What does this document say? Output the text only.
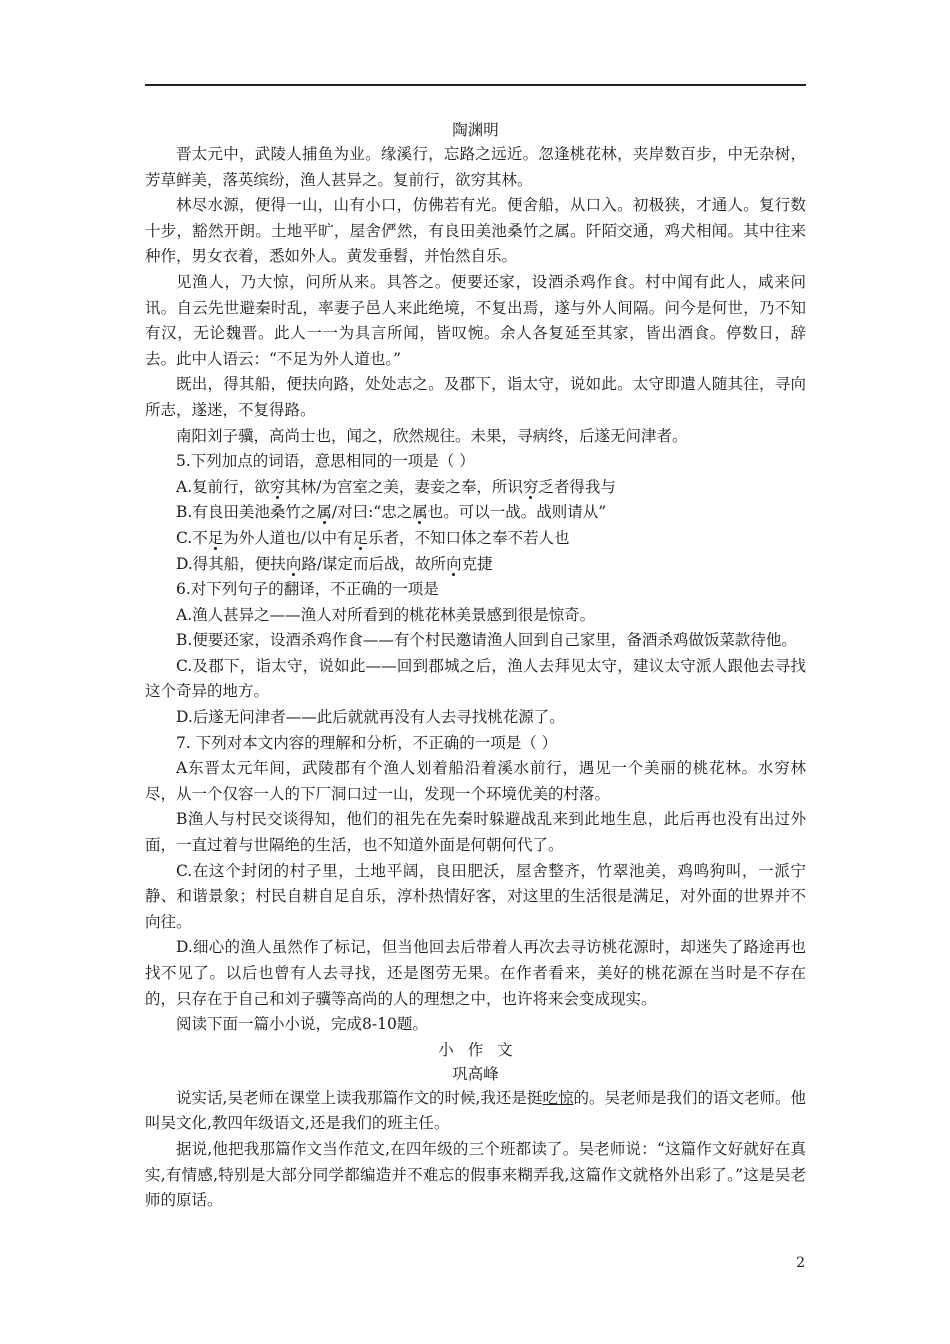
陶渊明
晋太元中，武陵人捕鱼为业。缘溪行，忘路之远近。忽逢桃花林，夹岸数百步，中无杂树，芳草鲜美，落英缤纷，渔人甚异之。复前行，欲穷其林。
林尽水源，便得一山，山有小口，仿佛若有光。便舍船，从口入。初极狭，才通人。复行数十步，豁然开朗。土地平旷，屋舍俨然，有良田美池桑竹之属。阡陌交通，鸡犬相闻。其中往来种作，男女衣着，悉如外人。黄发垂髫，并怡然自乐。
见渔人，乃大惊，问所从来。具答之。便要还家，设酒杀鸡作食。村中闻有此人，咸来问讯。自云先世避秦时乱，率妻子邑人来此绝境，不复出焉，遂与外人间隔。问今是何世，乃不知有汉，无论魏晋。此人一一为具言所闻，皆叹惋。余人各复延至其家，皆出酒食。停数日，辞去。此中人语云：“不足为外人道也。”
既出，得其船，便扶向路，处处志之。及郡下，诣太守，说如此。太守即遣人随其往，寻向所志，遂迷，不复得路。
南阳刘子骥，高尚士也，闻之，欣然规往。未果，寻病终，后遂无问津者。
5.下列加点的词语，意思相同的一项是（ ）
A.复前行，欲穷其林/为宫室之美，妻妾之奉，所识穷乏者得我与
B.有良田美池桑竹之属/对曰:“忠之属也。可以一战。战则请从”
C.不足为外人道也/以中有足乐者，不知口体之奉不若人也
D.得其船，便扶向路/谋定而后战，故所向克捷
6.对下列句子的翻译，不正确的一项是
A.渔人甚异之——渔人对所看到的桃花林美景感到很是惊奇。
B.便要还家，设酒杀鸡作食——有个村民邀请渔人回到自己家里，备酒杀鸡做饭菜款待他。
C.及郡下，诣太守，说如此——回到郡城之后，渔人去拜见太守，建议太守派人跟他去寻找这个奇异的地方。
D.后遂无问津者——此后就就再没有人去寻找桃花源了。
7. 下列对本文内容的理解和分析，不正确的一项是（ ）
A东晋太元年间，武陵郡有个渔人划着船沿着溪水前行，遇见一个美丽的桃花林。水穷林尽，从一个仅容一人的下厂洞口过一山，发现一个环境优美的村落。
B渔人与村民交谈得知，他们的祖先在先秦时躲避战乱来到此地生息，此后再也没有出过外面，一直过着与世隔绝的生活，也不知道外面是何朝何代了。
C.在这个封闭的村子里，土地平阔，良田肥沃，屋舍整齐，竹翠池美，鸡鸣狗叫，一派宁静、和谐景象；村民自耕自足自乐，淳朴热情好客，对这里的生活很是满足，对外面的世界并不向往。
D.细心的渔人虽然作了标记，但当他回去后带着人再次去寻访桃花源时，却迷失了路途再也找不见了。以后也曾有人去寻找，还是图劳无果。在作者看来，美好的桃花源在当时是不存在的，只存在于自己和刘子骥等高尚的人的理想之中，也许将来会变成现实。
阅读下面一篇小小说，完成8-10题。
小作文
巩高峰
说实话,吴老师在课堂上读我那篇作文的时候,我还是挺吃惊的。吴老师是我们的语文老师。他叫吴文化,教四年级语文,还是我们的班主任。
据说,他把我那篇作文当作范文,在四年级的三个班都读了。吴老师说：“这篇作文好就好在真实,有情感,特别是大部分同学都编造并不难忘的假事来糊弄我,这篇作文就格外出彩了。”这是吴老师的原话。
2
